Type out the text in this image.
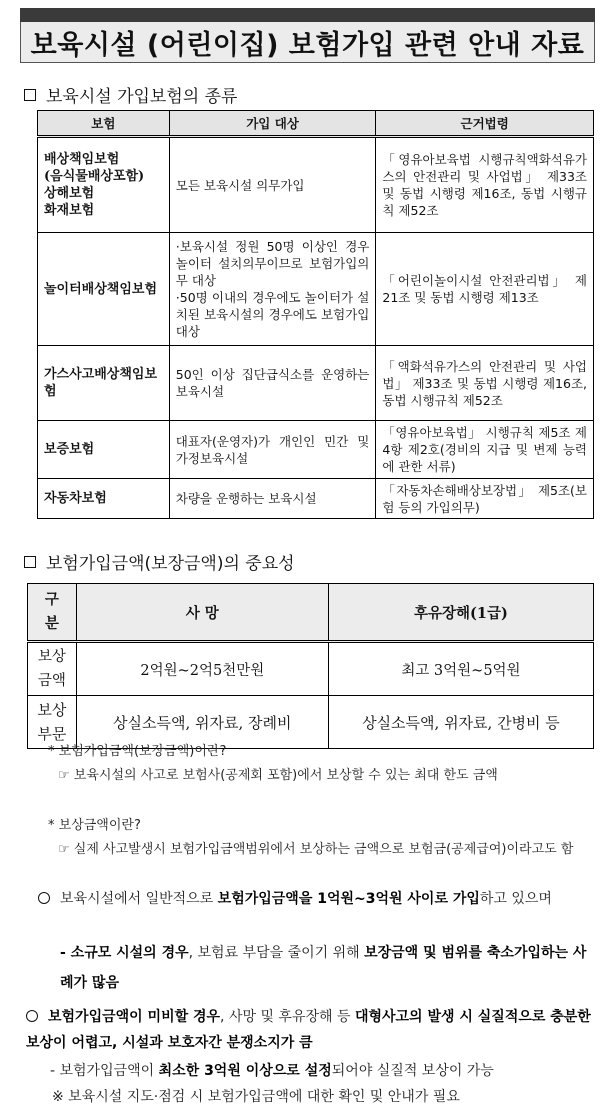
보육시설 (어린이집) 보험가입 관련 안내 자료
보육시설 가입보험의 종류
보험	가입 대상	근거법령

배상책임보험
(음식물배상포함)
상해보험
화재보험	모든 보육시설 의무가입	「영유아보육법 시행규칙액화석유가스의 안전관리 및 사업법」 제33조 및 동법 시행령 제16조, 동법 시행규칙 제52조
놀이터배상책임보험	·보육시설 정원 50명 이상인 경우 놀이터 설치의무이므로 보험가입의무 대상
·50명 이내의 경우에도 놀이터가 설치된 보육시설의 경우에도 보험가입 대상	「어린이놀이시설 안전관리법」 제21조 및 동법 시행령 제13조
가스사고배상책임보험	50인 이상 집단급식소를 운영하는 보육시설	「액화석유가스의 안전관리 및 사업법」 제33조 및 동법 시행령 제16조, 동법 시행규칙 제52조
보증보험	대표자(운영자)가 개인인 민간 및 가정보육시설	「영유아보육법」 시행규칙 제5조 제4항 제2호(경비의 지급 및 변제 능력에 관한 서류)
자동차보험	차량을 운행하는 보육시설	「자동차손해배상보장법」 제5조(보험 등의 가입의무)
보험가입금액(보장금액)의 중요성
구
분	사 망	후유장해(1급)

보상
금액	2억원~2억5천만원	최고 3억원~5억원

보상
부문	상실소득액, 위자료, 장례비	상실소득액, 위자료, 간병비 등
* 보험가입금액(보장금액)이란?
☞ 보육시설의 사고로 보험사(공제회 포함)에서 보상할 수 있는 최대 한도 금액
* 보상금액이란?
☞ 실제 사고발생시 보험가입금액범위에서 보상하는 금액으로 보험금(공제급여)이라고도 함
보육시설에서 일반적으로 보험가입금액을 1억원~3억원 사이로 가입하고 있으며
- 소규모 시설의 경우, 보험료 부담을 줄이기 위해 보장금액 및 범위를 축소가입하는 사례가 많음
보험가입금액이 미비할 경우, 사망 및 후유장해 등 대형사고의 발생 시 실질적으로 충분한 보상이 어렵고, 시설과 보호자간 분쟁소지가 큼
- 보험가입금액이 최소한 3억원 이상으로 설정되어야 실질적 보상이 가능
※ 보육시설 지도·점검 시 보험가입금액에 대한 확인 및 안내가 필요
